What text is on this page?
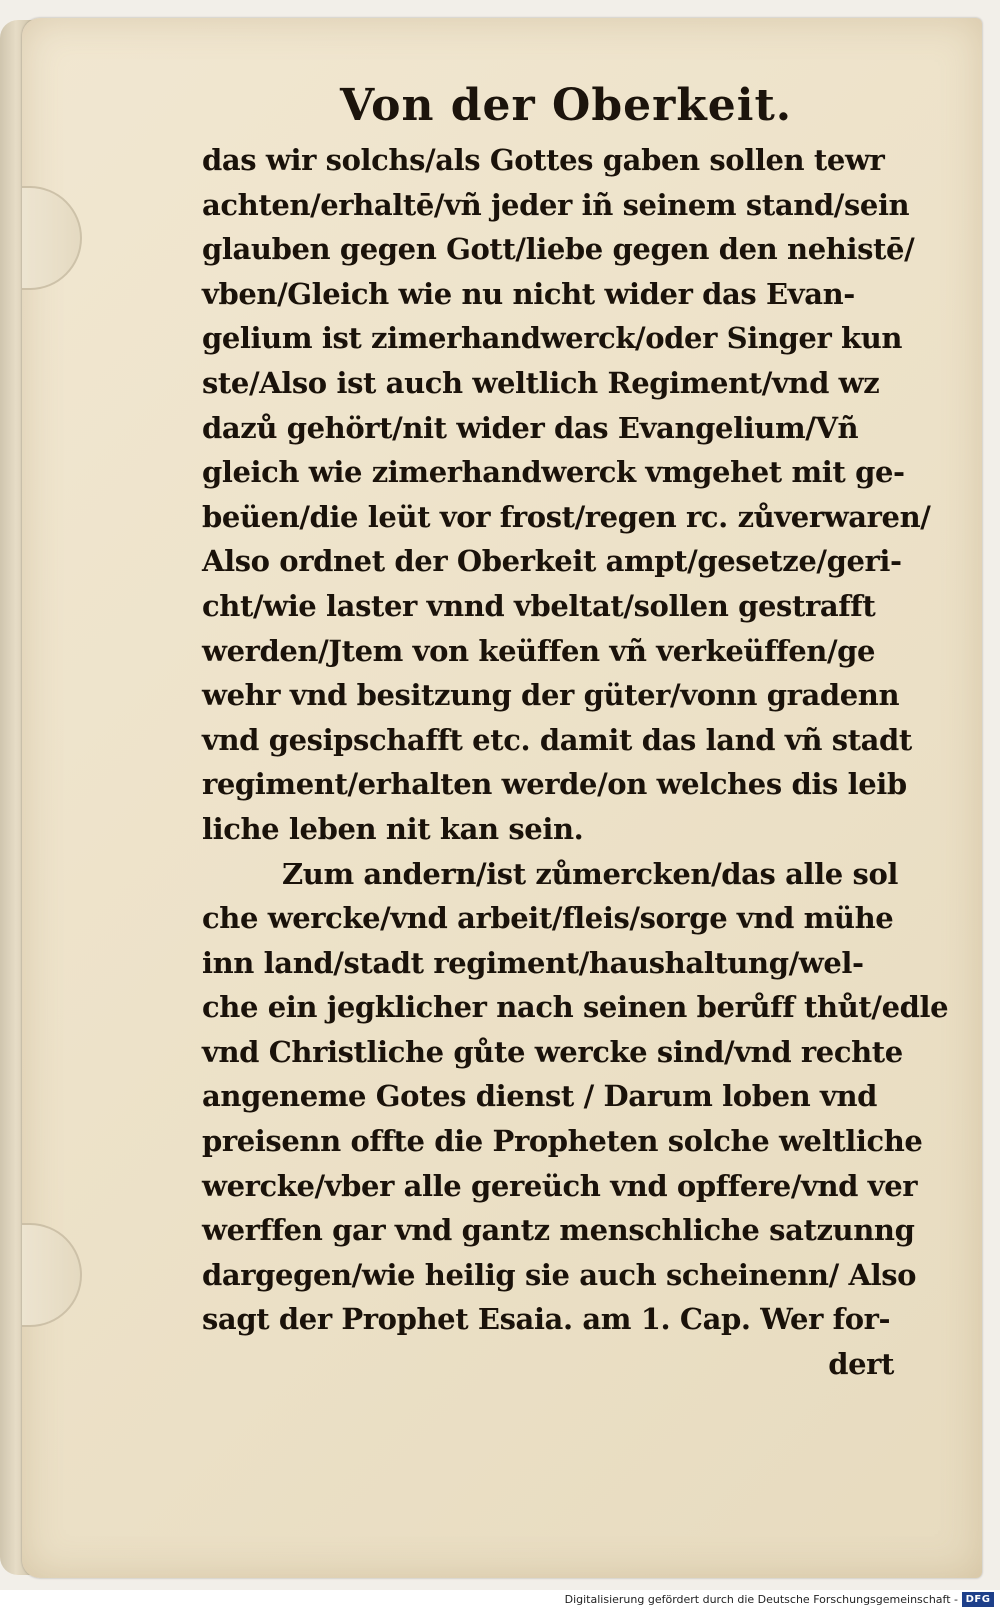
Von der Oberkeit.
das wir solchs/als Gottes gaben sollen tewr
achten/erhaltē/vñ jeder iñ seinem stand/sein
glauben gegen Gott/liebe gegen den nehistē/
vben/Gleich wie nu nicht wider das Evan-
gelium ist zimerhandwerck/oder Singer kun
ste/Also ist auch weltlich Regiment/vnd wz
dazů gehört/nit wider das Evangelium/Vñ
gleich wie zimerhandwerck vmgehet mit ge-
beüen/die leüt vor frost/regen rc. zůverwaren/
Also ordnet der Oberkeit ampt/gesetze/geri-
cht/wie laster vnnd vbeltat/sollen gestrafft
werden/Jtem von keüffen vñ verkeüffen/ge
wehr vnd besitzung der güter/vonn gradenn
vnd gesipschafft etc. damit das land vñ stadt
regiment/erhalten werde/on welches dis leib
liche leben nit kan sein.
Zum andern/ist zůmercken/das alle sol
che wercke/vnd arbeit/fleis/sorge vnd mühe
inn land/stadt regiment/haushaltung/wel-
che ein jegklicher nach seinen berůff thůt/edle
vnd Christliche gůte wercke sind/vnd rechte
angeneme Gotes dienst / Darum loben vnd
preisenn offte die Propheten solche weltliche
wercke/vber alle gereüch vnd opffere/vnd ver
werffen gar vnd gantz menschliche satzunng
dargegen/wie heilig sie auch scheinenn/ Also
sagt der Prophet Esaia. am 1. Cap. Wer for-
dert
Digitalisierung gefördert durch die Deutsche Forschungsgemeinschaft - DFG
